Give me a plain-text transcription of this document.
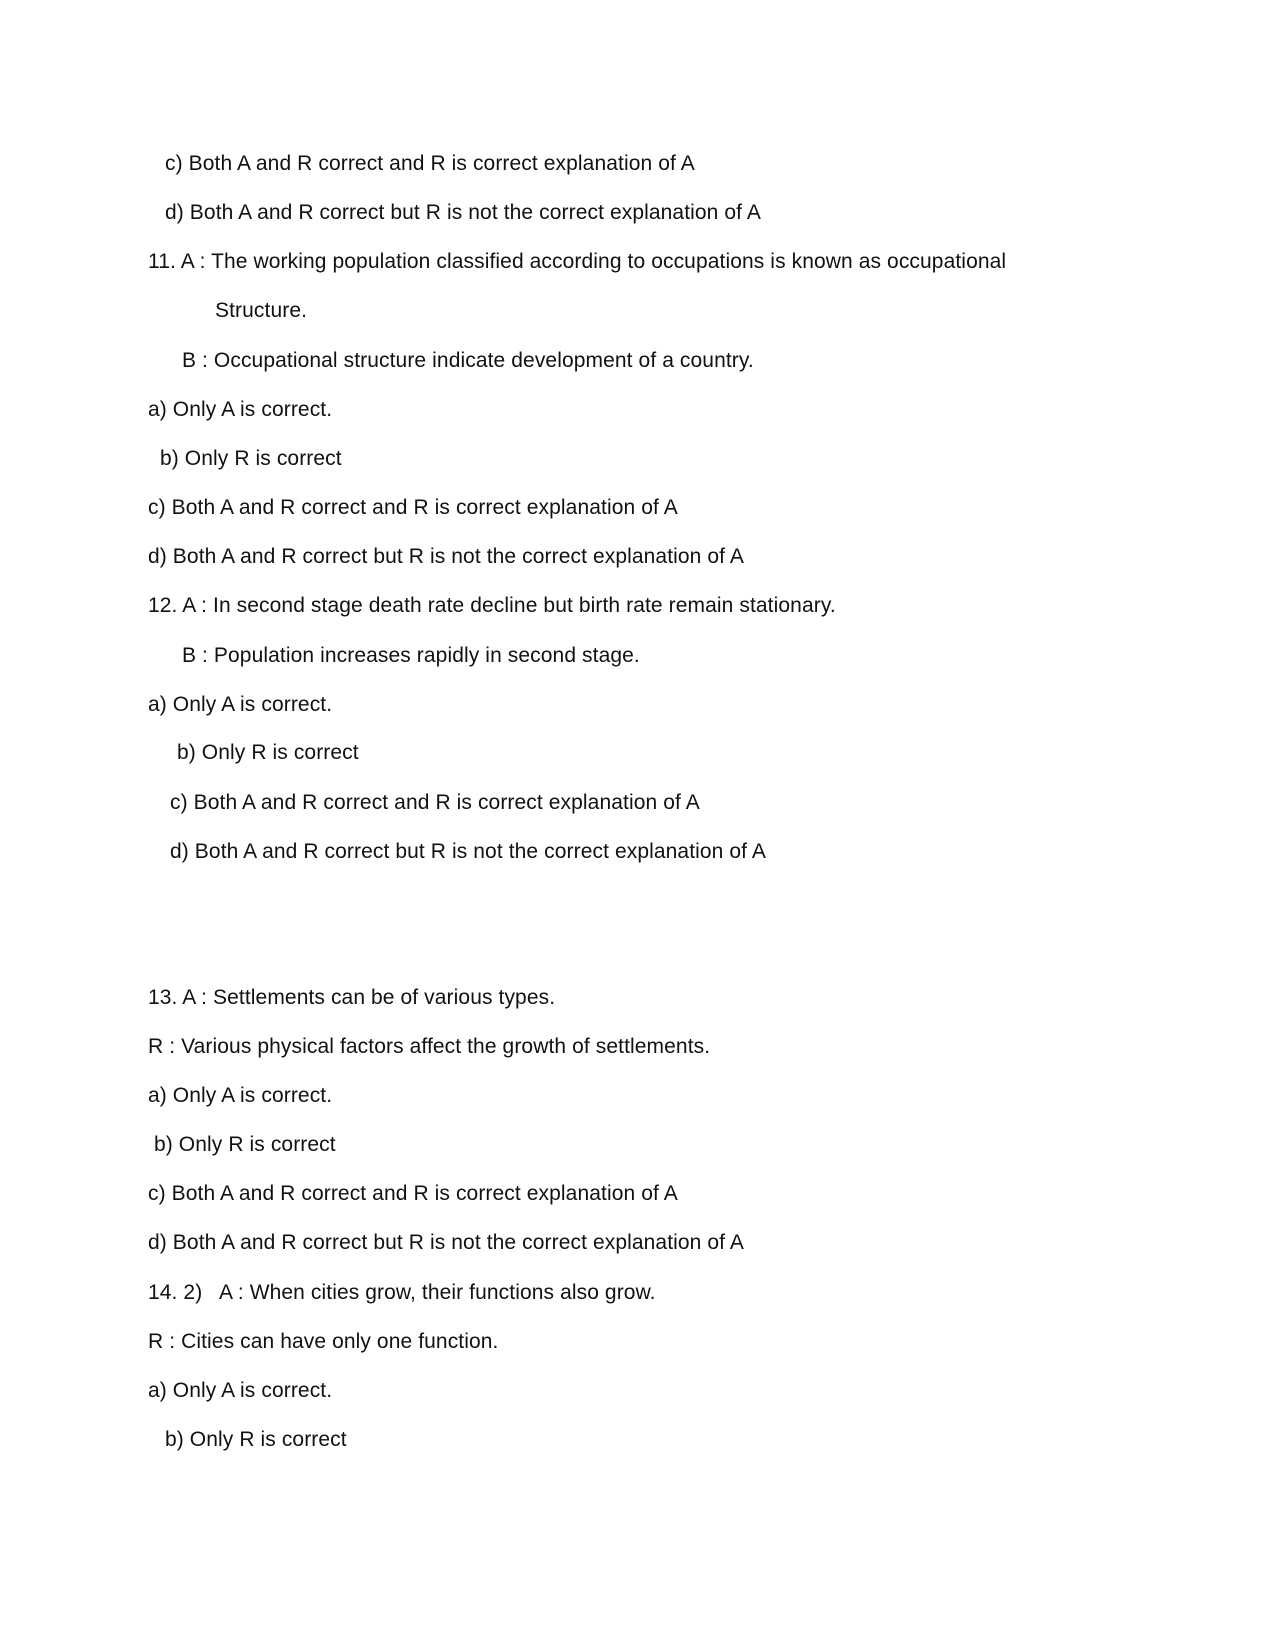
c) Both A and R correct and R is correct explanation of A
d) Both A and R correct but R is not the correct explanation of A
11. A : The working population classified according to occupations is known as occupational
Structure.
B : Occupational structure indicate development of a country.
a) Only A is correct.
b) Only R is correct
c) Both A and R correct and R is correct explanation of A
d) Both A and R correct but R is not the correct explanation of A
12. A : In second stage death rate decline but birth rate remain stationary.
B : Population increases rapidly in second stage.
a) Only A is correct.
b) Only R is correct
c) Both A and R correct and R is correct explanation of A
d) Both A and R correct but R is not the correct explanation of A
13. A : Settlements can be of various types.
R : Various physical factors affect the growth of settlements.
a) Only A is correct.
b) Only R is correct
c) Both A and R correct and R is correct explanation of A
d) Both A and R correct but R is not the correct explanation of A
14. 2)   A : When cities grow, their functions also grow.
R : Cities can have only one function.
a) Only A is correct.
b) Only R is correct
